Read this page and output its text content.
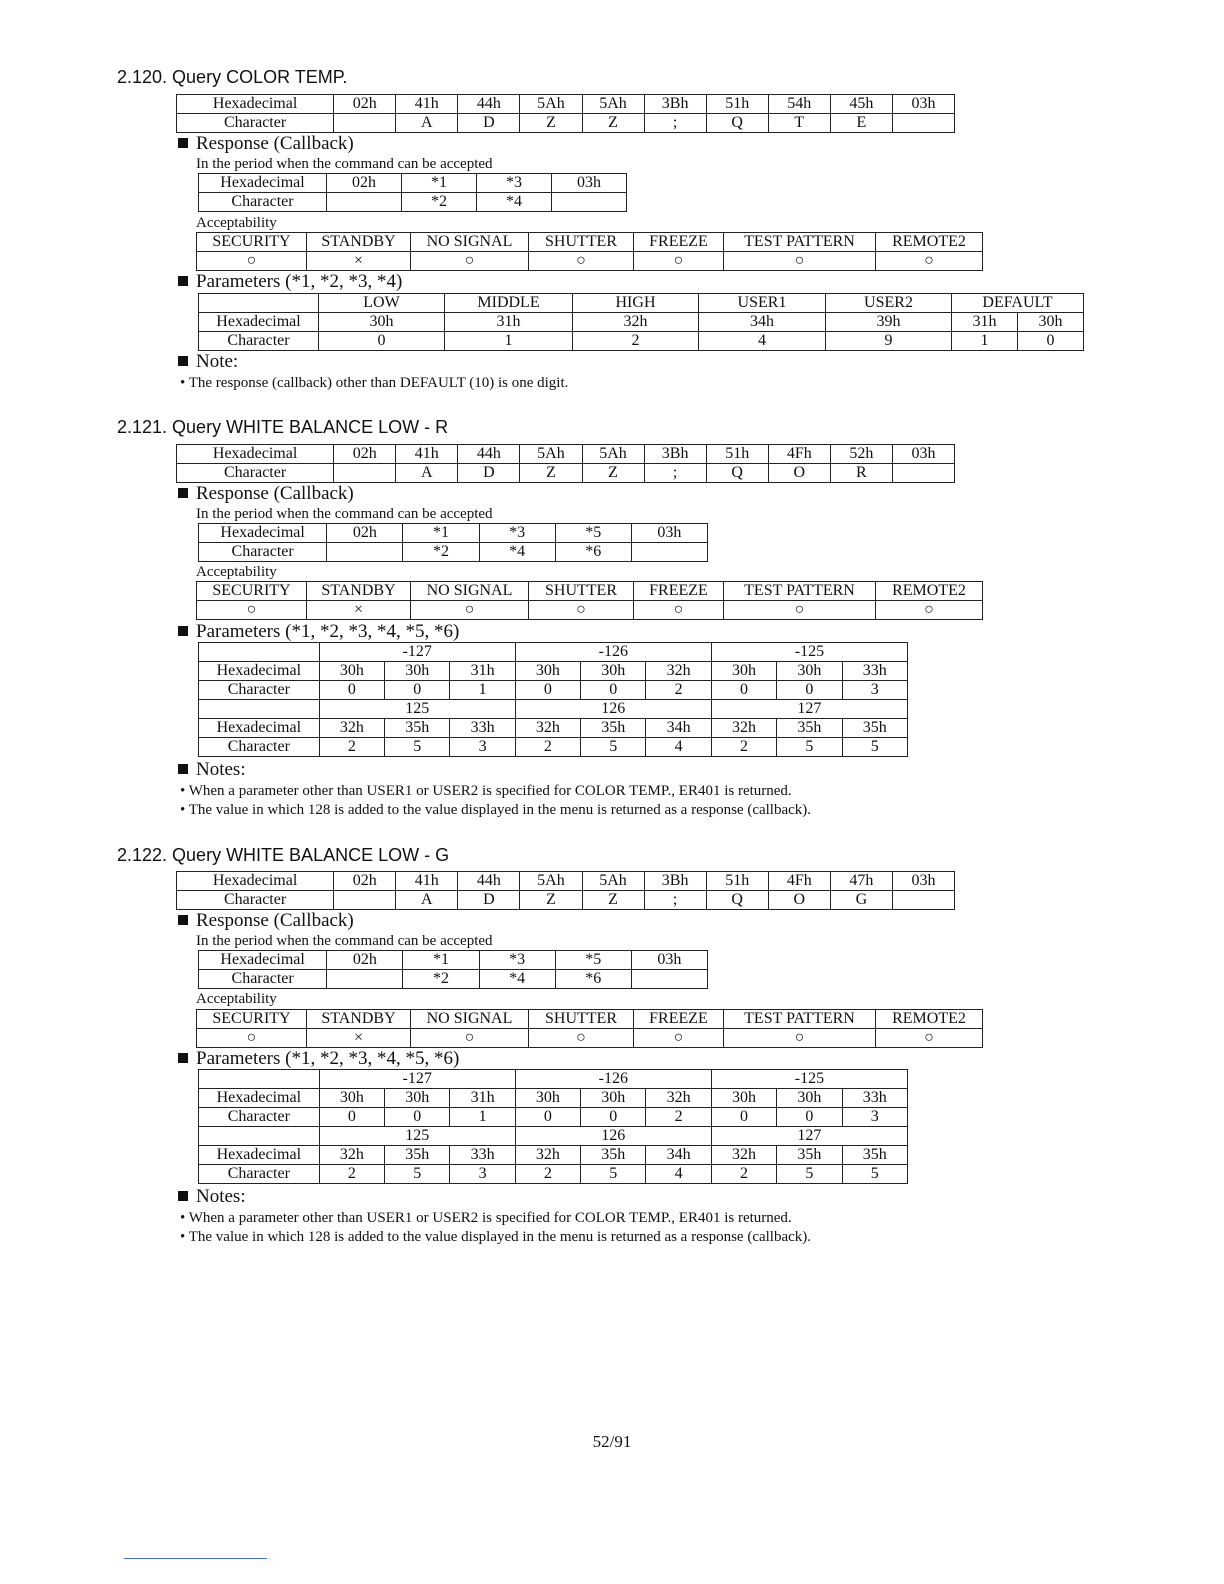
2.120. Query COLOR TEMP.
Hexadecimal	02h	41h	44h	5Ah	5Ah	3Bh	51h	54h	45h	03h
Character		A	D	Z	Z	;	Q	T	E	
Response (Callback)
In the period when the command can be accepted
Hexadecimal	02h	*1	*3	03h
Character		*2	*4	
Acceptability
SECURITY	STANDBY	NO SIGNAL	SHUTTER	FREEZE	TEST PATTERN	REMOTE2
○	×	○	○	○	○	○
Parameters (*1, *2, *3, *4)
	LOW	MIDDLE	HIGH	USER1	USER2	DEFAULT	
Hexadecimal	30h	31h	32h	34h	39h	31h	30h
Character	0	1	2	4	9	1	0
Note:
• The response (callback) other than DEFAULT (10) is one digit.
2.121. Query WHITE BALANCE LOW - R
Hexadecimal	02h	41h	44h	5Ah	5Ah	3Bh	51h	4Fh	52h	03h
Character		A	D	Z	Z	;	Q	O	R	
Response (Callback)
In the period when the command can be accepted
Hexadecimal	02h	*1	*3	*5	03h
Character		*2	*4	*6	
Acceptability
SECURITY	STANDBY	NO SIGNAL	SHUTTER	FREEZE	TEST PATTERN	REMOTE2
○	×	○	○	○	○	○
Parameters (*1, *2, *3, *4, *5, *6)
	-127			-126			-125		
Hexadecimal	30h	30h	31h	30h	30h	32h	30h	30h	33h
Character	0	0	1	0	0	2	0	0	3
	125			126			127		
Hexadecimal	32h	35h	33h	32h	35h	34h	32h	35h	35h
Character	2	5	3	2	5	4	2	5	5
Notes:
• When a parameter other than USER1 or USER2 is specified for COLOR TEMP., ER401 is returned.
• The value in which 128 is added to the value displayed in the menu is returned as a response (callback).
2.122. Query WHITE BALANCE LOW - G
Hexadecimal	02h	41h	44h	5Ah	5Ah	3Bh	51h	4Fh	47h	03h
Character		A	D	Z	Z	;	Q	O	G	
Response (Callback)
In the period when the command can be accepted
Hexadecimal	02h	*1	*3	*5	03h
Character		*2	*4	*6	
Acceptability
SECURITY	STANDBY	NO SIGNAL	SHUTTER	FREEZE	TEST PATTERN	REMOTE2
○	×	○	○	○	○	○
Parameters (*1, *2, *3, *4, *5, *6)
	-127			-126			-125		
Hexadecimal	30h	30h	31h	30h	30h	32h	30h	30h	33h
Character	0	0	1	0	0	2	0	0	3
	125			126			127		
Hexadecimal	32h	35h	33h	32h	35h	34h	32h	35h	35h
Character	2	5	3	2	5	4	2	5	5
Notes:
• When a parameter other than USER1 or USER2 is specified for COLOR TEMP., ER401 is returned.
• The value in which 128 is added to the value displayed in the menu is returned as a response (callback).
52/91
